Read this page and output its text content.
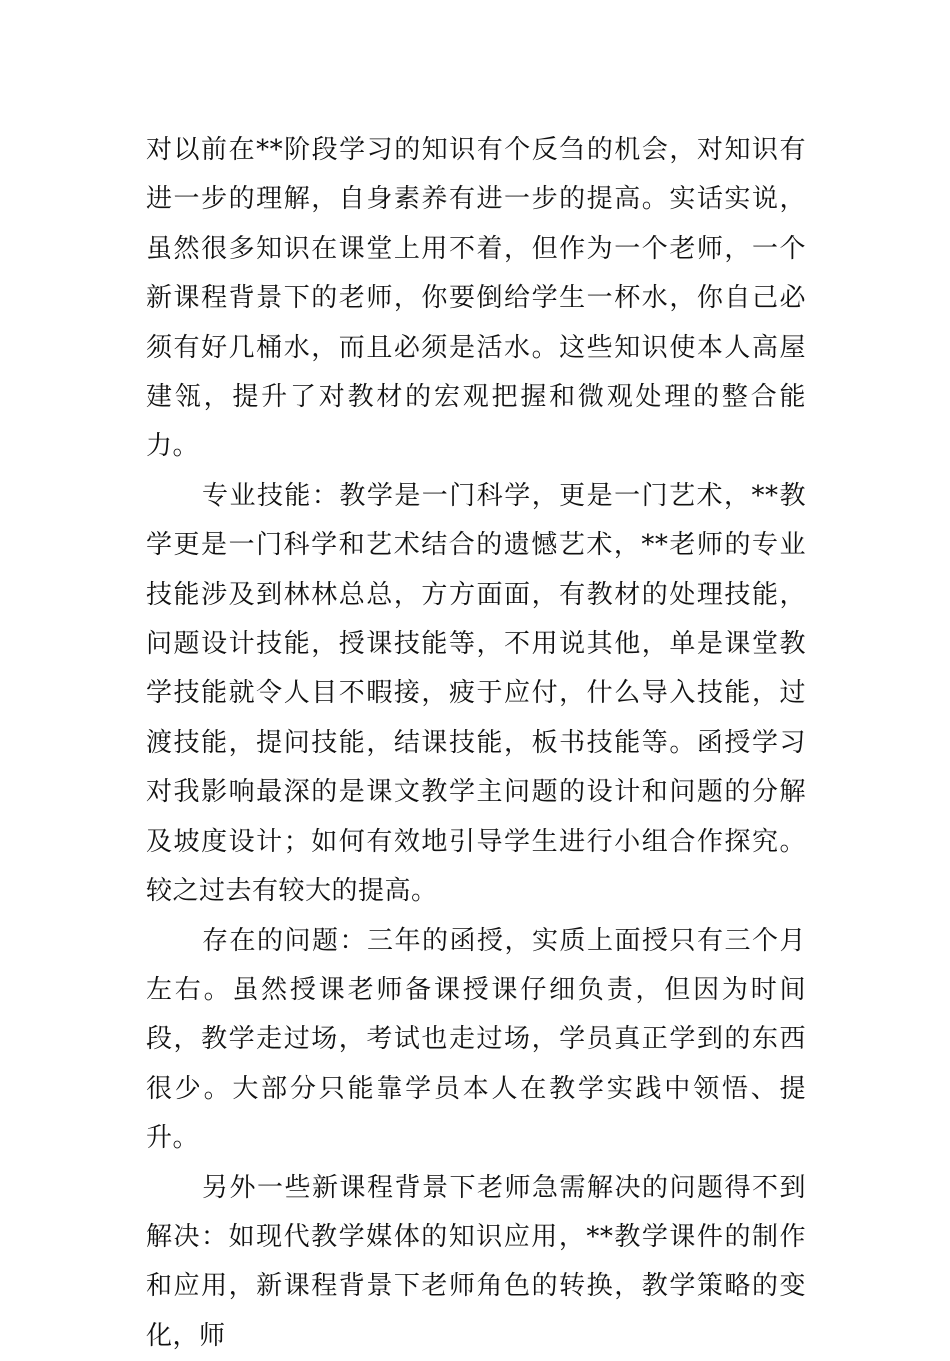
对以前在**阶段学习的知识有个反刍的机会，对知识有进一步的理解，自身素养有进一步的提高。实话实说，虽然很多知识在课堂上用不着，但作为一个老师，一个新课程背景下的老师，你要倒给学生一杯水，你自己必须有好几桶水，而且必须是活水。这些知识使本人高屋建瓴，提升了对教材的宏观把握和微观处理的整合能力。

专业技能：教学是一门科学，更是一门艺术，**教学更是一门科学和艺术结合的遗憾艺术，**老师的专业技能涉及到林林总总，方方面面，有教材的处理技能，问题设计技能，授课技能等，不用说其他，单是课堂教学技能就令人目不暇接，疲于应付，什么导入技能，过渡技能，提问技能，结课技能，板书技能等。函授学习对我影响最深的是课文教学主问题的设计和问题的分解及坡度设计；如何有效地引导学生进行小组合作探究。较之过去有较大的提高。

存在的问题：三年的函授，实质上面授只有三个月左右。虽然授课老师备课授课仔细负责，但因为时间段，教学走过场，考试也走过场，学员真正学到的东西很少。大部分只能靠学员本人在教学实践中领悟、提升。

另外一些新课程背景下老师急需解决的问题得不到解决：如现代教学媒体的知识应用，**教学课件的制作和应用，新课程背景下老师角色的转换，教学策略的变化，师
